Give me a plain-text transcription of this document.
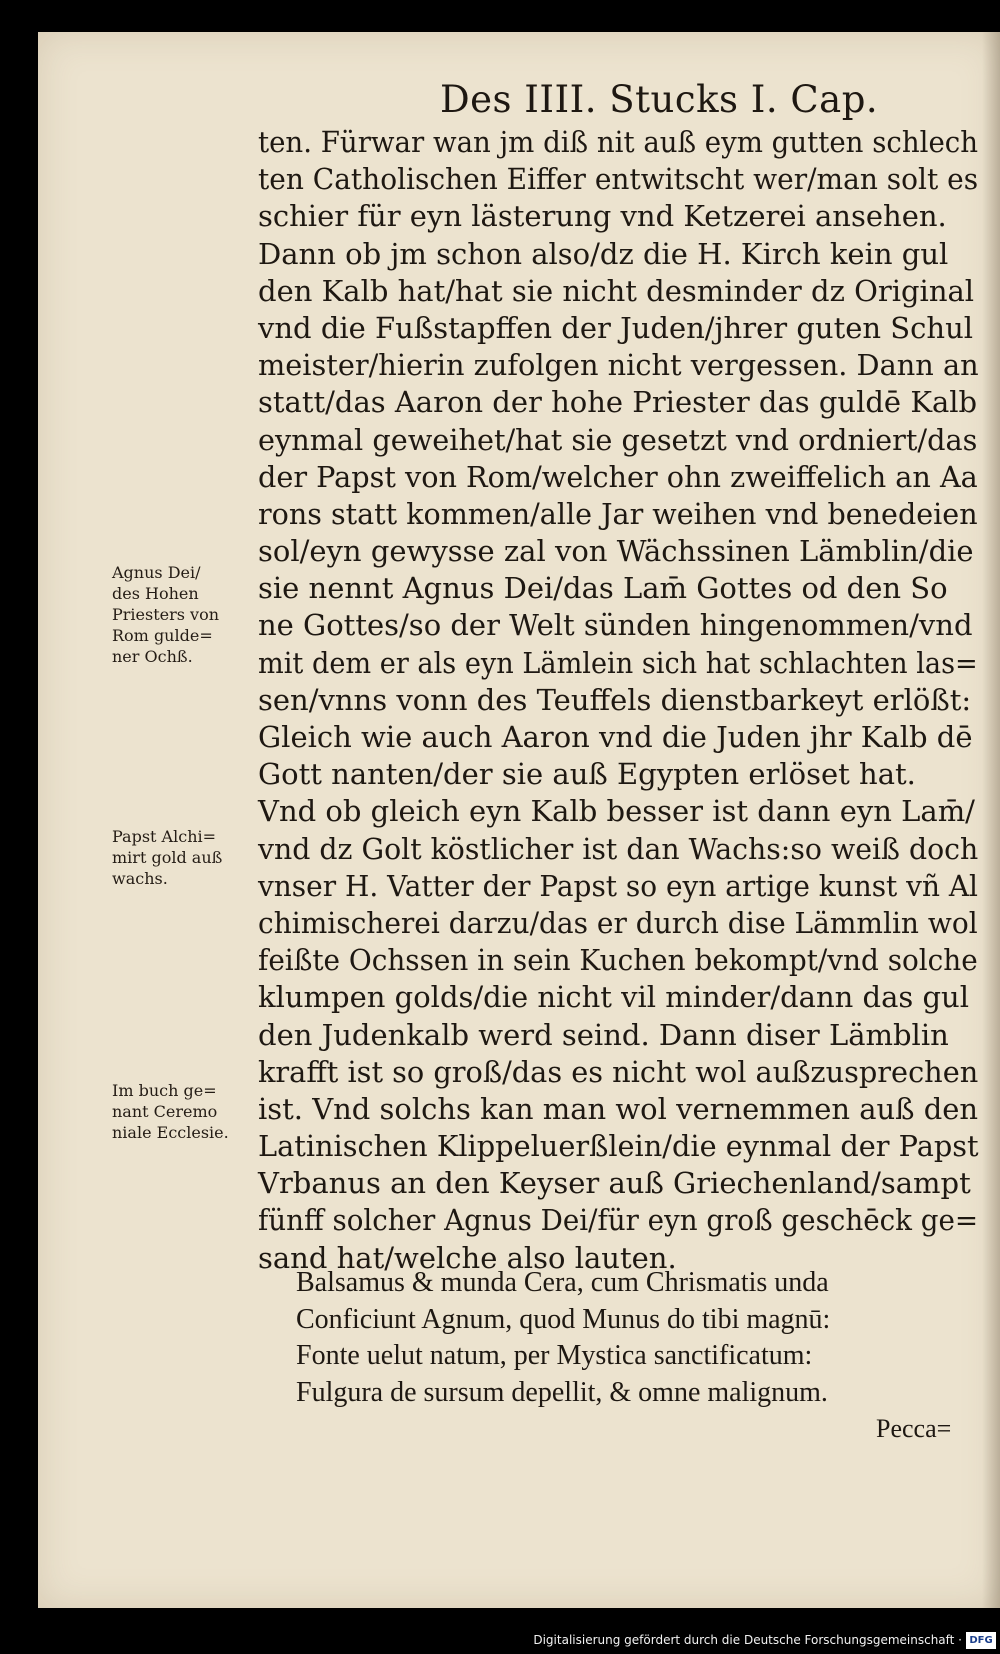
Des IIII. Stucks I. Cap.
ten. Fürwar wan jm diß nit auß eym gutten schlech
ten Catholischen Eiffer entwitscht wer/man solt es
schier für eyn lästerung vnd Ketzerei ansehen.
Dann ob jm schon also/dz die H. Kirch kein gul
den Kalb hat/hat sie nicht desminder dz Original
vnd die Fußstapffen der Juden/jhrer guten Schul
meister/hierin zufolgen nicht vergessen. Dann an
statt/das Aaron der hohe Priester das guldē Kalb
eynmal geweihet/hat sie gesetzt vnd ordniert/das
der Papst von Rom/welcher ohn zweiffelich an Aa
rons statt kommen/alle Jar weihen vnd benedeien
sol/eyn gewysse zal von Wächssinen Lämblin/die
sie nennt Agnus Dei/das Lam̄ Gottes od den So
ne Gottes/so der Welt sünden hingenommen/vnd
mit dem er als eyn Lämlein sich hat schlachten las=
sen/vnns vonn des Teuffels dienstbarkeyt erlößt:
Gleich wie auch Aaron vnd die Juden jhr Kalb dē
Gott nanten/der sie auß Egypten erlöset hat.
Vnd ob gleich eyn Kalb besser ist dann eyn Lam̄/
vnd dz Golt köstlicher ist dan Wachs:so weiß doch
vnser H. Vatter der Papst so eyn artige kunst vñ Al
chimischerei darzu/das er durch dise Lämmlin wol
feißte Ochssen in sein Kuchen bekompt/vnd solche
klumpen golds/die nicht vil minder/dann das gul
den Judenkalb werd seind. Dann diser Lämblin
krafft ist so groß/das es nicht wol außzusprechen
ist. Vnd solchs kan man wol vernemmen auß den
Latinischen Klippeluerßlein/die eynmal der Papst
Vrbanus an den Keyser auß Griechenland/sampt
fünff solcher Agnus Dei/für eyn groß geschēck ge=
sand hat/welche also lauten.
Balsamus & munda Cera, cum Chrismatis unda
Conficiunt Agnum, quod Munus do tibi magnū:
Fonte uelut natum, per Mystica sanctificatum:
Fulgura de sursum depellit, & omne malignum.
Pecca=
Agnus Dei/
des Hohen
Priesters von
Rom gulde=
ner Ochß.
Papst Alchi=
mirt gold auß
wachs.
Im buch ge=
nant Ceremo
niale Ecclesie.
Digitalisierung gefördert durch die Deutsche Forschungsgemeinschaft · DFG
